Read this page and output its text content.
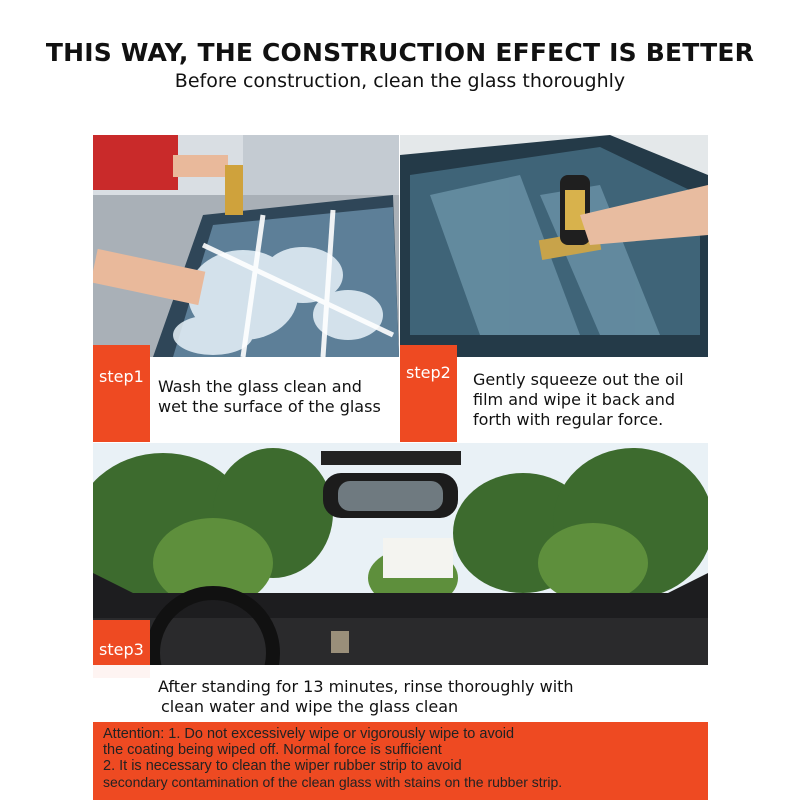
THIS WAY, THE CONSTRUCTION EFFECT IS BETTER
Before construction, clean the glass thoroughly
step1
Wash the glass clean and
wet the surface of the glass
step2	Gently squeeze out the oil
film and wipe it back and
forth with regular force.
step3
After standing for 13 minutes, rinse thoroughly with
clean water and wipe the glass clean
Attention: 1. Do not excessively wipe or vigorously wipe to avoid
the coating being wiped off. Normal force is sufficient
2. It is necessary to clean the wiper rubber strip to avoid
secondary contamination of the clean glass with stains on the rubber strip.
